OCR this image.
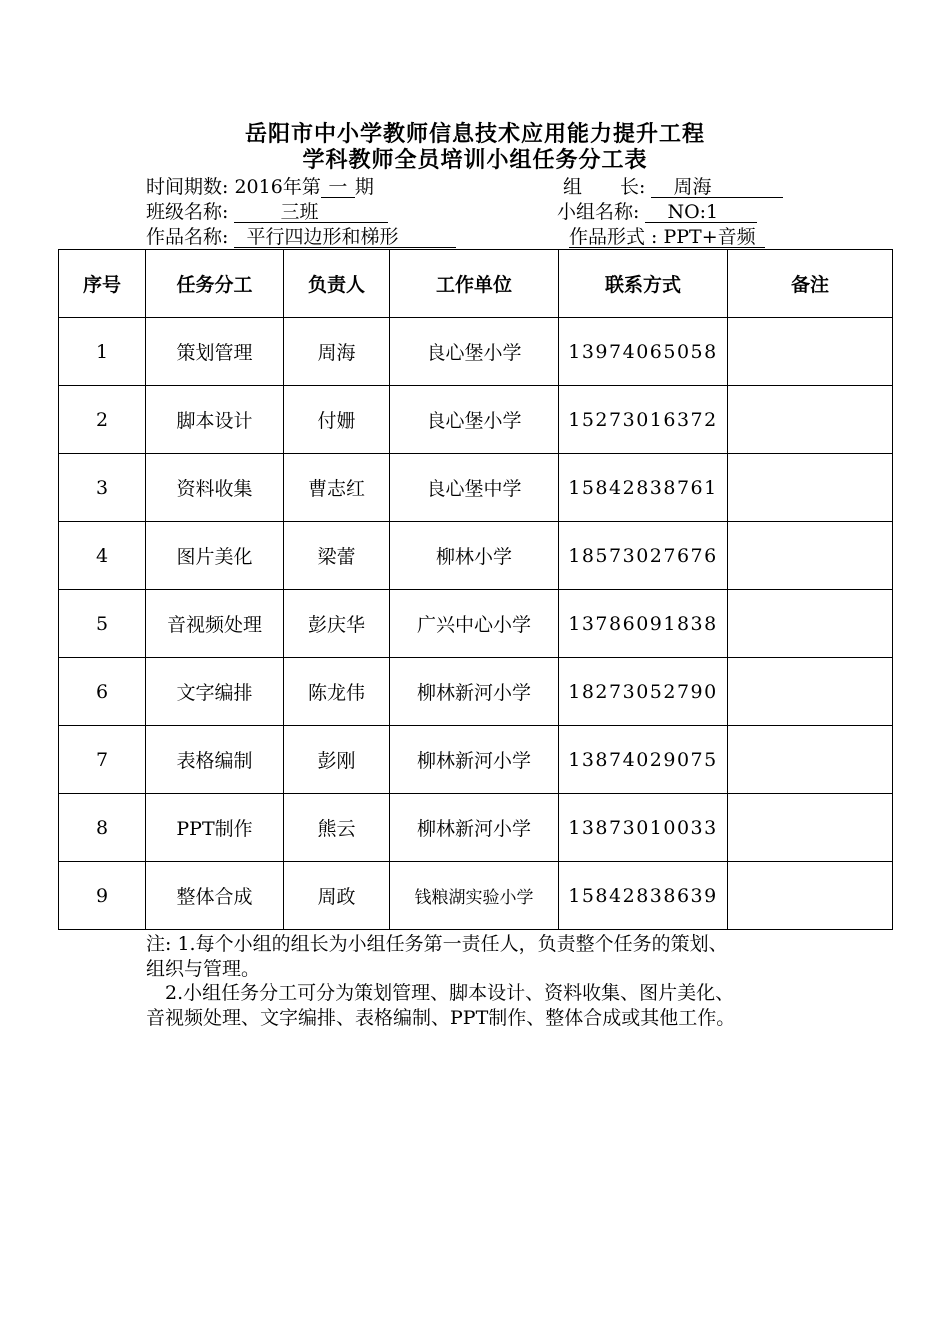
岳阳市中小学教师信息技术应用能力提升工程
学科教师全员培训小组任务分工表
时间期数: 2016年第 一 期	组　　长: 周海
班级名称:	三班	小组名称: NO:1
作品名称: 平行四边形和梯形	作品形式 : PPT+音频
序号	任务分工	负责人	工作单位	联系方式	备注
1	策划管理	周海	良心堡小学	13974065058	
2	脚本设计	付姗	良心堡小学	15273016372	
3	资料收集	曹志红	良心堡中学	15842838761	
4	图片美化	梁蕾	柳林小学	18573027676	
5	音视频处理	彭庆华	广兴中心小学	13786091838	
6	文字编排	陈龙伟	柳林新河小学	18273052790	
7	表格编制	彭刚	柳林新河小学	13874029075	
8	PPT制作	熊云	柳林新河小学	13873010033	
9	整体合成	周政	钱粮湖实验小学	15842838639	
注: 1.每个小组的组长为小组任务第一责任人，负责整个任务的策划、
组织与管理。
　2.小组任务分工可分为策划管理、脚本设计、资料收集、图片美化、
音视频处理、文字编排、表格编制、PPT制作、整体合成或其他工作。
